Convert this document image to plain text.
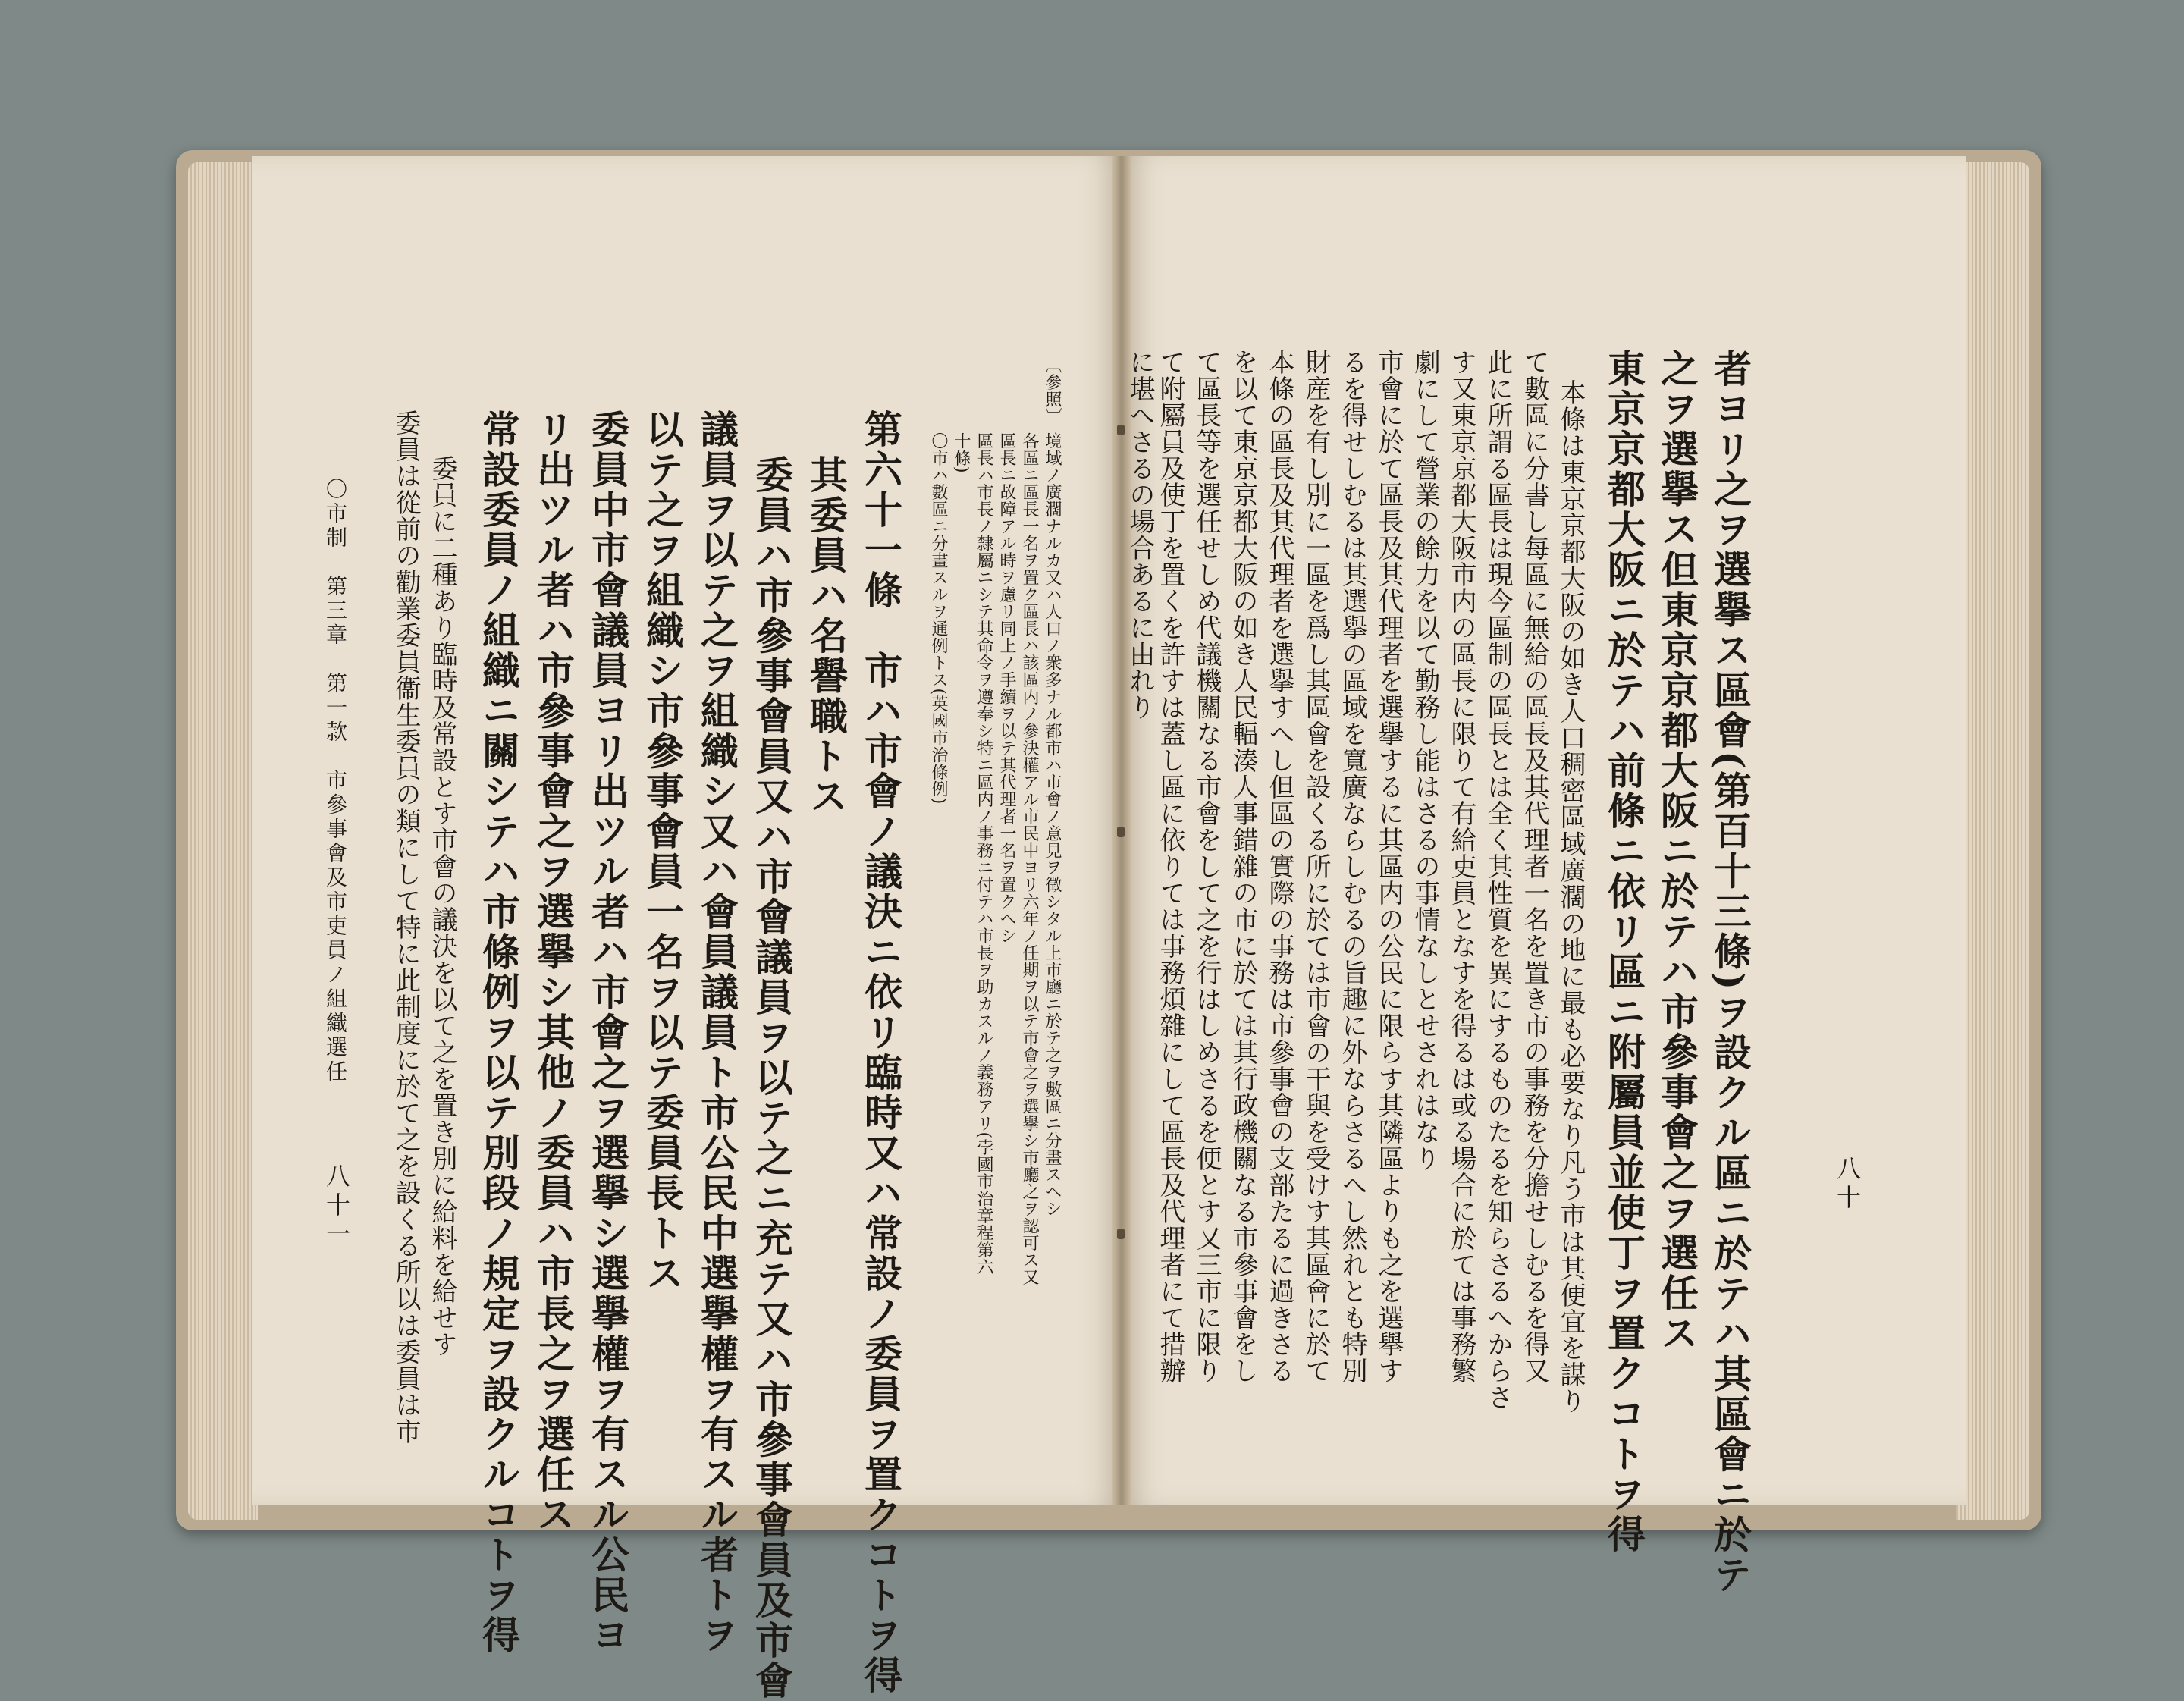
者ヨリ之ヲ選擧ス區會(第百十三條)ヲ設クル區ニ於テハ其區會ニ於テ
之ヲ選擧ス但東京京都大阪ニ於テハ市參事會之ヲ選任ス
東京京都大阪ニ於テハ前條ニ依リ區ニ附屬員並使丁ヲ置クコトヲ得
本條は東京京都大阪の如き人口稠密區域廣濶の地に最も必要なり凡う市は其便宜を謀り
て數區に分書し每區に無給の區長及其代理者一名を置き市の事務を分擔せしむるを得又
此に所謂る區長は現今區制の區長とは全く其性質を異にするものたるを知らさるへからさ
す又東京京都大阪市内の區長に限りて有給吏員となすを得るは或る場合に於ては事務繁
劇にして營業の餘力を以て勤務し能はさるの事情なしとせされはなり
市會に於て區長及其代理者を選擧するに其區内の公民に限らす其隣區よりも之を選擧す
るを得せしむるは其選擧の區域を寬廣ならしむるの旨趣に外ならさるへし然れとも特別
財産を有し別に一區を爲し其區會を設くる所に於ては市會の干與を受けす其區會に於て
本條の區長及其代理者を選擧すへし但區の實際の事務は市參事會の支部たるに過きさる
を以て東京京都大阪の如き人民輻湊人事錯雜の市に於ては其行政機關なる市參事會をし
て區長等を選任せしめ代議機關なる市會をして之を行はしめさるを便とす又三市に限り
て附屬員及使丁を置くを許すは蓋し區に依りては事務煩雜にして區長及代理者にて措辦
に堪へさるの場合あるに由れり
八十
〔參照〕
境域ノ廣濶ナルカ又ハ人口ノ衆多ナル都市ハ市會ノ意見ヲ徵シタル上市廳ニ於テ之ヲ數區ニ分畫スヘシ
各區ニ區長一名ヲ置ク區長ハ該區内ノ參決權アル市民中ヨリ六年ノ任期ヲ以テ市會之ヲ選擧シ市廳之ヲ認可ス又
區長ニ故障アル時ヲ慮リ同上ノ手續ヲ以テ其代理者一名ヲ置クヘシ
區長ハ市長ノ隸屬ニシテ其命令ヲ遵奉シ特ニ區内ノ事務ニ付テハ市長ヲ助カスルノ義務アリ(孛國市治章程第六
十條)
〇市ハ數區ニ分畫スルヲ通例トス(英國市治條例)
第六十一條　市ハ市會ノ議決ニ依リ臨時又ハ常設ノ委員ヲ置クコトヲ得
其委員ハ名譽職トス
委員ハ市參事會員又ハ市會議員ヲ以テ之ニ充テ又ハ市參事會員及市會
議員ヲ以テ之ヲ組織シ又ハ會員議員ト市公民中選擧權ヲ有スル者トヲ
以テ之ヲ組織シ市參事會員一名ヲ以テ委員長トス
委員中市會議員ヨリ出ツル者ハ市會之ヲ選擧シ選擧權ヲ有スル公民ヨ
リ出ツル者ハ市參事會之ヲ選擧シ其他ノ委員ハ市長之ヲ選任ス
常設委員ノ組織ニ關シテハ市條例ヲ以テ別段ノ規定ヲ設クルコトヲ得
委員に二種あり臨時及常設とす市會の議決を以て之を置き別に給料を給せす
委員は從前の勸業委員衞生委員の類にして特に此制度に於て之を設くる所以は委員は市
〇市制　第三章　第一款　市參事會及市吏員ノ組織選任
八十一
